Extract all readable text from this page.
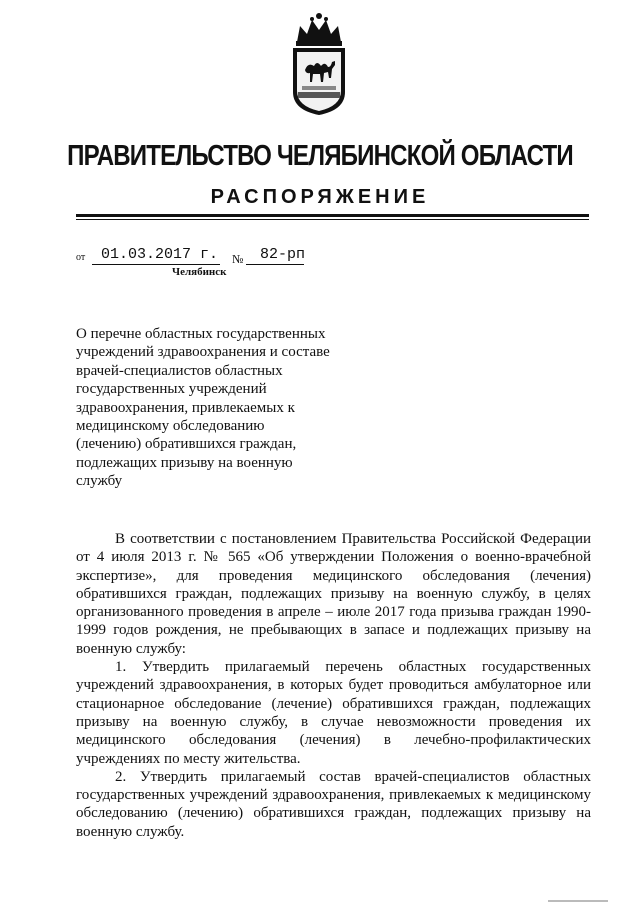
ПРАВИТЕЛЬСТВО ЧЕЛЯБИНСКОЙ ОБЛАСТИ
РАСПОРЯЖЕНИЕ
от 01.03.2017 г. № 82-рп
Челябинск
О перечне областных государственных
учреждений здравоохранения и составе
врачей-специалистов областных
государственных учреждений
здравоохранения, привлекаемых к
медицинскому обследованию
(лечению) обратившихся граждан,
подлежащих призыву на военную
службу

В соответствии с постановлением Правительства Российской Федерации от 4 июля 2013 г. № 565 «Об утверждении Положения о военно-врачебной экспертизе», для проведения медицинского обследования (лечения) обратившихся граждан, подлежащих призыву на военную службу, в целях организованного проведения в апреле – июле 2017 года призыва граждан 1990-1999 годов рождения, не пребывающих в запасе и подлежащих призыву на военную службу:

1. Утвердить прилагаемый перечень областных государственных учреждений здравоохранения, в которых будет проводиться амбулаторное или стационарное обследование (лечение) обратившихся граждан, подлежащих призыву на военную службу, в случае невозможности проведения их медицинского обследования (лечения) в лечебно-профилактических учреждениях по месту жительства.

2. Утвердить прилагаемый состав врачей-специалистов областных государственных учреждений здравоохранения, привлекаемых к медицинскому обследованию (лечению) обратившихся граждан, подлежащих призыву на военную службу.
